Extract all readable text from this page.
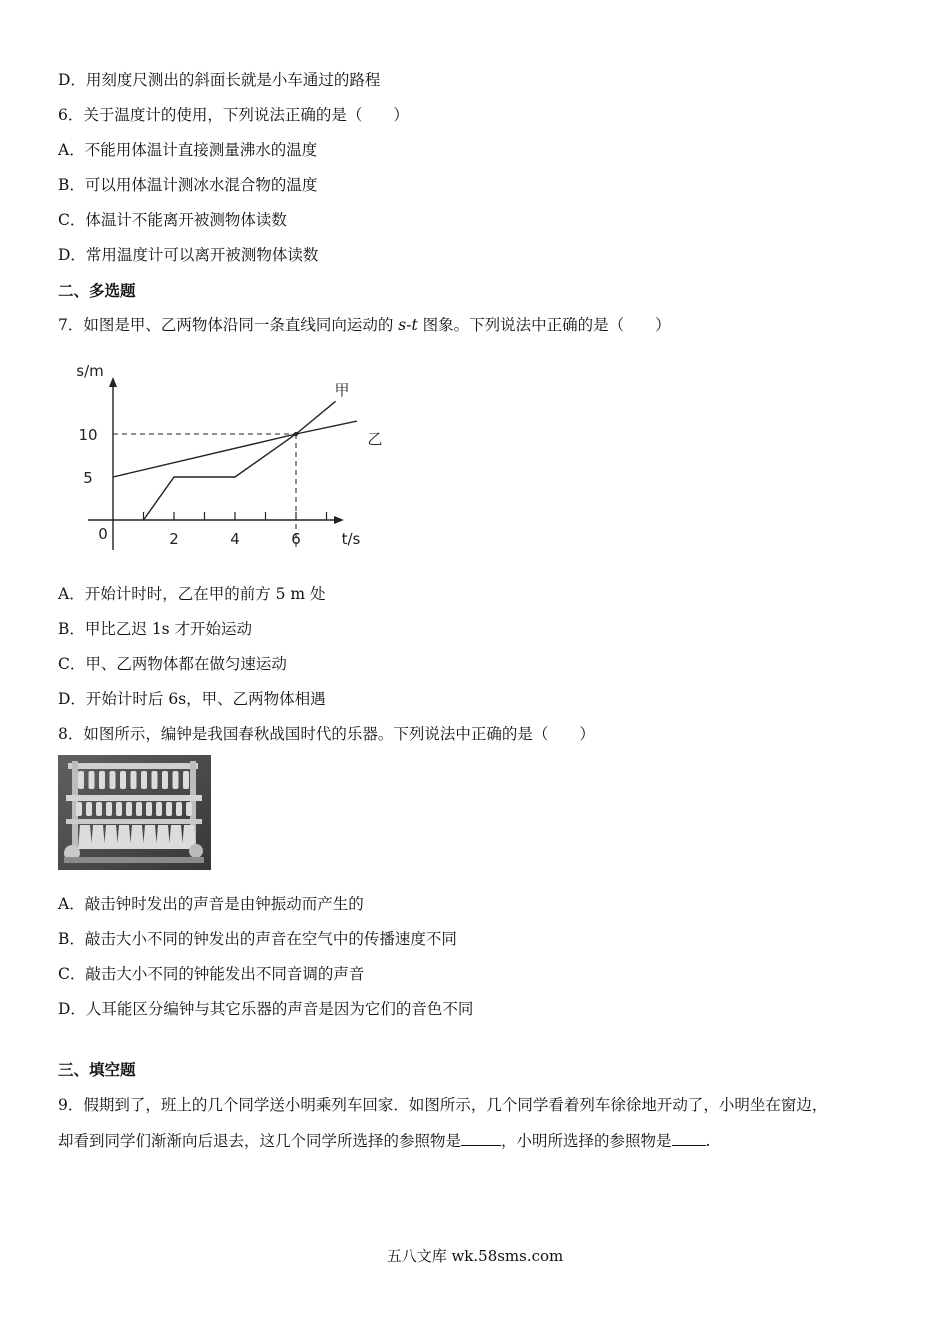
D．用刻度尺测出的斜面长就是小车通过的路程
6．关于温度计的使用，下列说法正确的是（　　）
A．不能用体温计直接测量沸水的温度
B．可以用体温计测冰水混合物的温度
C．体温计不能离开被测物体读数
D．常用温度计可以离开被测物体读数
二、多选题
7．如图是甲、乙两物体沿同一条直线同向运动的 s-t 图象。下列说法中正确的是（　　）
s/m
t/s
0	2	4	6
5
10
甲
乙
A．开始计时时，乙在甲的前方 5 m 处
B．甲比乙迟 1s 才开始运动
C．甲、乙两物体都在做匀速运动
D．开始计时后 6s，甲、乙两物体相遇
8．如图所示，编钟是我国春秋战国时代的乐器。下列说法中正确的是（　　）
A．敲击钟时发出的声音是由钟振动而产生的
B．敲击大小不同的钟发出的声音在空气中的传播速度不同
C．敲击大小不同的钟能发出不同音调的声音
D．人耳能区分编钟与其它乐器的声音是因为它们的音色不同
三、填空题
9．假期到了，班上的几个同学送小明乘列车回家．如图所示，几个同学看着列车徐徐地开动了，小明坐在窗边，
却看到同学们渐渐向后退去，这几个同学所选择的参照物是	，小明所选择的参照物是 .
五八文库 wk.58sms.com
